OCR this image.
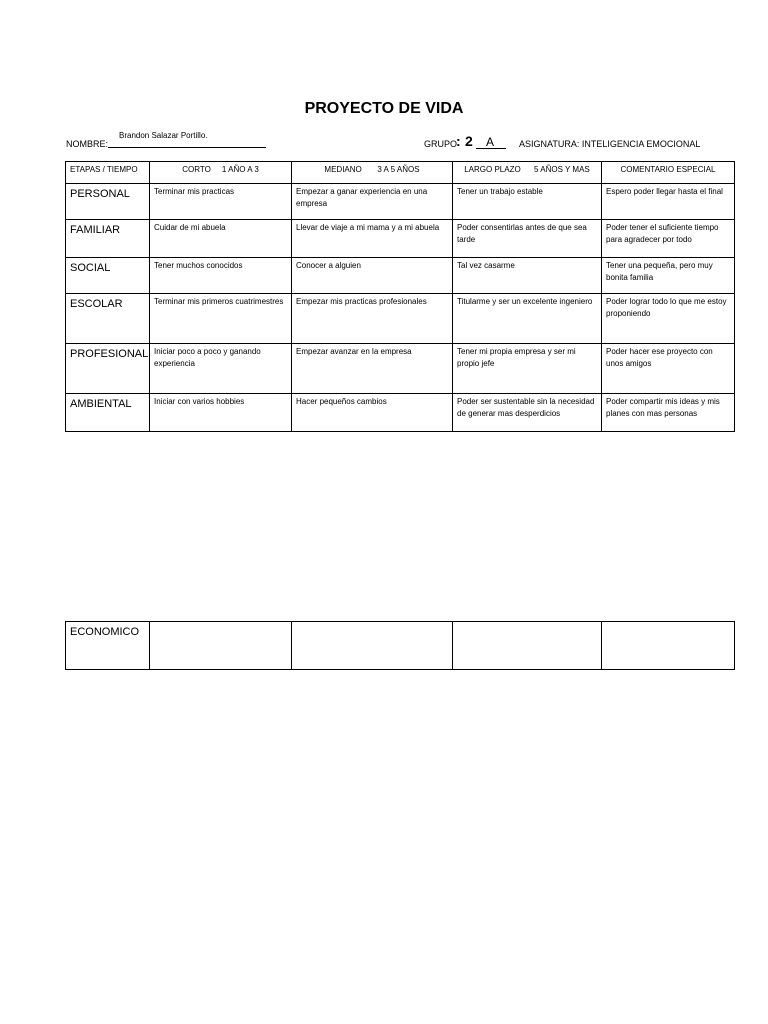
PROYECTO DE VIDA
NOMBRE:
Brandon Salazar Portillo.
GRUPO
: 2 A	ASIGNATURA: INTELIGENCIA EMOCIONAL
ETAPAS / TIEMPO	CORTO     1 AÑO A 3	MEDIANO       3 A 5 AÑOS	LARGO PLAZO      5 AÑOS Y MAS	COMENTARIO ESPECIAL
PERSONAL	Terminar mis practicas	Empezar a ganar experiencia en una empresa	Tener un trabajo estable	Espero poder llegar hasta el final
FAMILIAR	Cuidar de mi abuela	Llevar de viaje a mi mama y a mi abuela	Poder consentirlas antes de que sea tarde	Poder tener el suficiente tiempo para agradecer por todo
SOCIAL	Tener muchos conocidos	Conocer a alguien	Tal vez casarme	Tener una pequeña, pero muy bonita familia
ESCOLAR	Terminar mis primeros cuatrimestres	Empezar mis practicas profesionales	Titularme y ser un excelente ingeniero	Poder lograr todo lo que me estoy proponiendo
PROFESIONAL	Iniciar poco a poco y ganando experiencia	Empezar avanzar en la empresa	Tener mi propia empresa y ser mi propio jefe	Poder hacer ese proyecto con unos amigos
AMBIENTAL	Iniciar con varios hobbies	Hacer pequeños cambios	Poder ser sustentable sin la necesidad de generar mas desperdicios	Poder compartir mis ideas y mis planes con mas personas
ECONOMICO				
